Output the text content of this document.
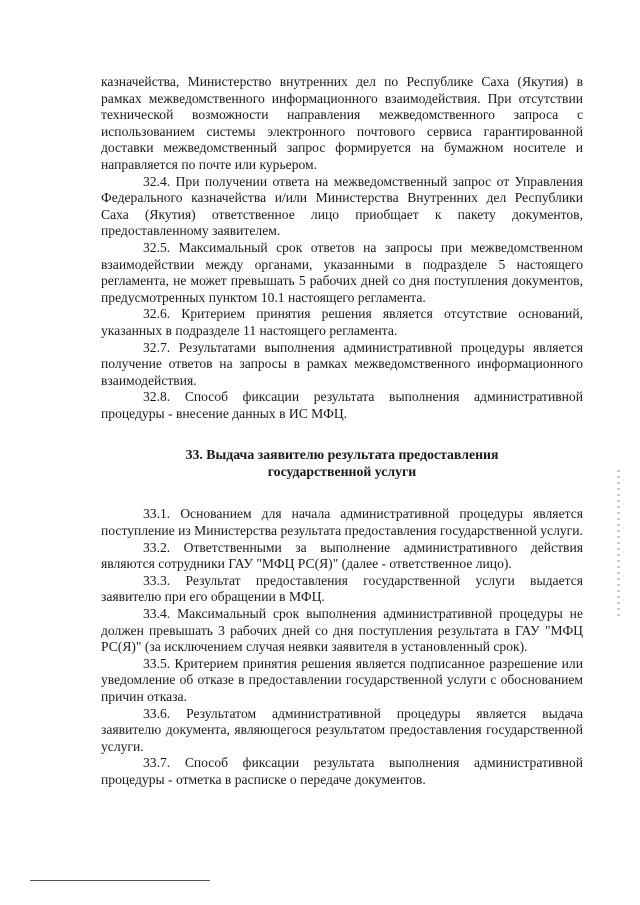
казначейства, Министерство внутренних дел по Республике Саха (Якутия) в рамках межведомственного информационного взаимодействия. При отсутствии технической возможности направления межведомственного запроса с использованием системы электронного почтового сервиса гарантированной доставки межведомственный запрос формируется на бумажном носителе и направляется по почте или курьером.

32.4. При получении ответа на межведомственный запрос от Управления Федерального казначейства и/или Министерства Внутренних дел Республики Саха (Якутия) ответственное лицо приобщает к пакету документов, предоставленному заявителем.

32.5. Максимальный срок ответов на запросы при межведомственном взаимодействии между органами, указанными в подразделе 5 настоящего регламента, не может превышать 5 рабочих дней со дня поступления документов, предусмотренных пунктом 10.1 настоящего регламента.

32.6. Критерием принятия решения является отсутствие оснований, указанных в подразделе 11 настоящего регламента.

32.7. Результатами выполнения административной процедуры является получение ответов на запросы в рамках межведомственного информационного взаимодействия.

32.8. Способ фиксации результата выполнения административной процедуры - внесение данных в ИС МФЦ.

33. Выдача заявителю результата предоставления
государственной услуги

33.1. Основанием для начала административной процедуры является поступление из Министерства результата предоставления государственной услуги.

33.2. Ответственными за выполнение административного действия являются сотрудники ГАУ "МФЦ РС(Я)" (далее - ответственное лицо).

33.3. Результат предоставления государственной услуги выдается заявителю при его обращении в МФЦ.

33.4. Максимальный срок выполнения административной процедуры не должен превышать 3 рабочих дней со дня поступления результата в ГАУ "МФЦ РС(Я)" (за исключением случая неявки заявителя в установленный срок).

33.5. Критерием принятия решения является подписанное разрешение или уведомление об отказе в предоставлении государственной услуги с обоснованием причин отказа.

33.6. Результатом административной процедуры является выдача заявителю документа, являющегося результатом предоставления государственной услуги.

33.7. Способ фиксации результата выполнения административной процедуры - отметка в расписке о передаче документов.
